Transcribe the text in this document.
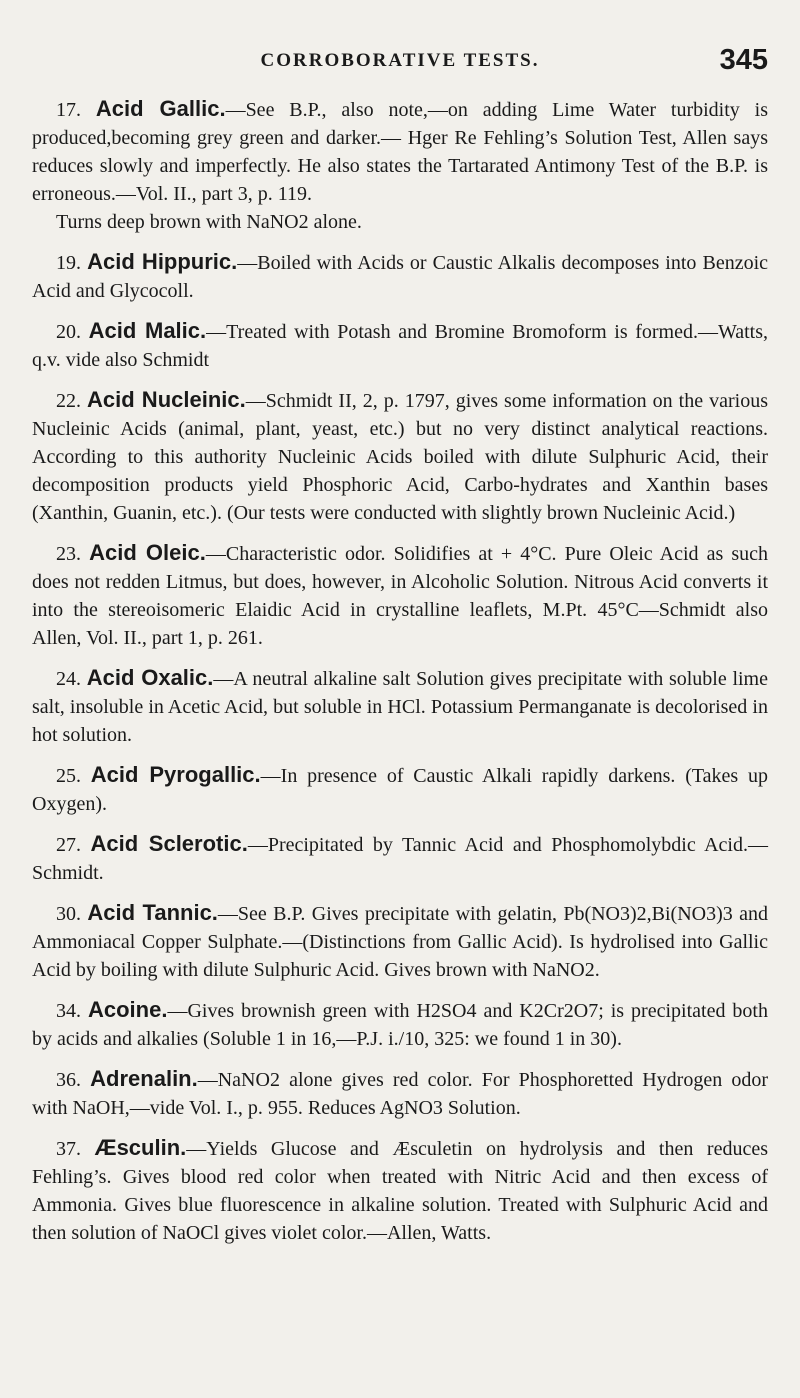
CORROBORATIVE TESTS.	345

17. Acid Gallic.—See B.P., also note,—on adding Lime Water turbidity is produced,becoming grey green and darker.— Hger Re Fehling’s Solution Test, Allen says reduces slowly and imperfectly. He also states the Tartarated Antimony Test of the B.P. is erroneous.—Vol. II., part 3, p. 119.

Turns deep brown with NaNO2 alone.

19. Acid Hippuric.—Boiled with Acids or Caustic Alkalis decomposes into Benzoic Acid and Glycocoll.

20. Acid Malic.—Treated with Potash and Bromine Bromoform is formed.—Watts, q.v. vide also Schmidt

22. Acid Nucleinic.—Schmidt II, 2, p. 1797, gives some information on the various Nucleinic Acids (animal, plant, yeast, etc.) but no very distinct analytical reactions. According to this authority Nucleinic Acids boiled with dilute Sulphuric Acid, their decomposition products yield Phosphoric Acid, Carbo-hydrates and Xanthin bases (Xanthin, Guanin, etc.). (Our tests were conducted with slightly brown Nucleinic Acid.)

23. Acid Oleic.—Characteristic odor. Solidifies at + 4°C. Pure Oleic Acid as such does not redden Litmus, but does, however, in Alcoholic Solution. Nitrous Acid converts it into the stereoisomeric Elaidic Acid in crystalline leaflets, M.Pt. 45°C—Schmidt also Allen, Vol. II., part 1, p. 261.

24. Acid Oxalic.—A neutral alkaline salt Solution gives precipitate with soluble lime salt, insoluble in Acetic Acid, but soluble in HCl. Potassium Permanganate is decolorised in hot solution.

25. Acid Pyrogallic.—In presence of Caustic Alkali rapidly darkens. (Takes up Oxygen).

27. Acid Sclerotic.—Precipitated by Tannic Acid and Phosphomolybdic Acid.—Schmidt.

30. Acid Tannic.—See B.P. Gives precipitate with gelatin, Pb(NO3)2,Bi(NO3)3 and Ammoniacal Copper Sulphate.—(Distinctions from Gallic Acid). Is hydrolised into Gallic Acid by boiling with dilute Sulphuric Acid. Gives brown with NaNO2.

34. Acoine.—Gives brownish green with H2SO4 and K2Cr2O7; is precipitated both by acids and alkalies (Soluble 1 in 16,—P.J. i./10, 325: we found 1 in 30).

36. Adrenalin.—NaNO2 alone gives red color. For Phosphoretted Hydrogen odor with NaOH,—vide Vol. I., p. 955. Reduces AgNO3 Solution.

37. Æsculin.—Yields Glucose and Æsculetin on hydrolysis and then reduces Fehling’s. Gives blood red color when treated with Nitric Acid and then excess of Ammonia. Gives blue fluorescence in alkaline solution. Treated with Sulphuric Acid and then solution of NaOCl gives violet color.—Allen, Watts.
